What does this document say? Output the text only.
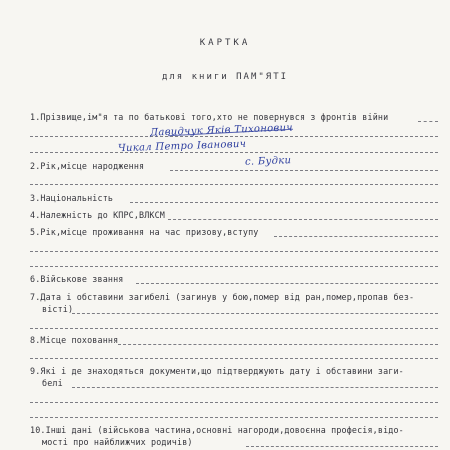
КАРТКА
для книги ПАМ"ЯТІ
1.Прізвище,ім"я та по батькові того,хто не повернувся з фронтів війни
Давидчук Яків Тихонович
Чикал Петро Іванович
2.Рік,місце народження	с. Будки
3.Національність
4.Належність до КПРС,ВЛКСМ
5.Рік,місце проживання на час призову,вступу
6.Військове звання
7.Дата і обставини загибелі (загинув у бою,помер від ран,помер,пропав без-
вісті)
8.Місце поховання
9.Які і де знаходяться документи,що підтверджують дату і обставини заги-
белі
10.Інші дані (військова частина,основні нагороди,довоєнна професія,відо-
мості про найближчих родичів)
